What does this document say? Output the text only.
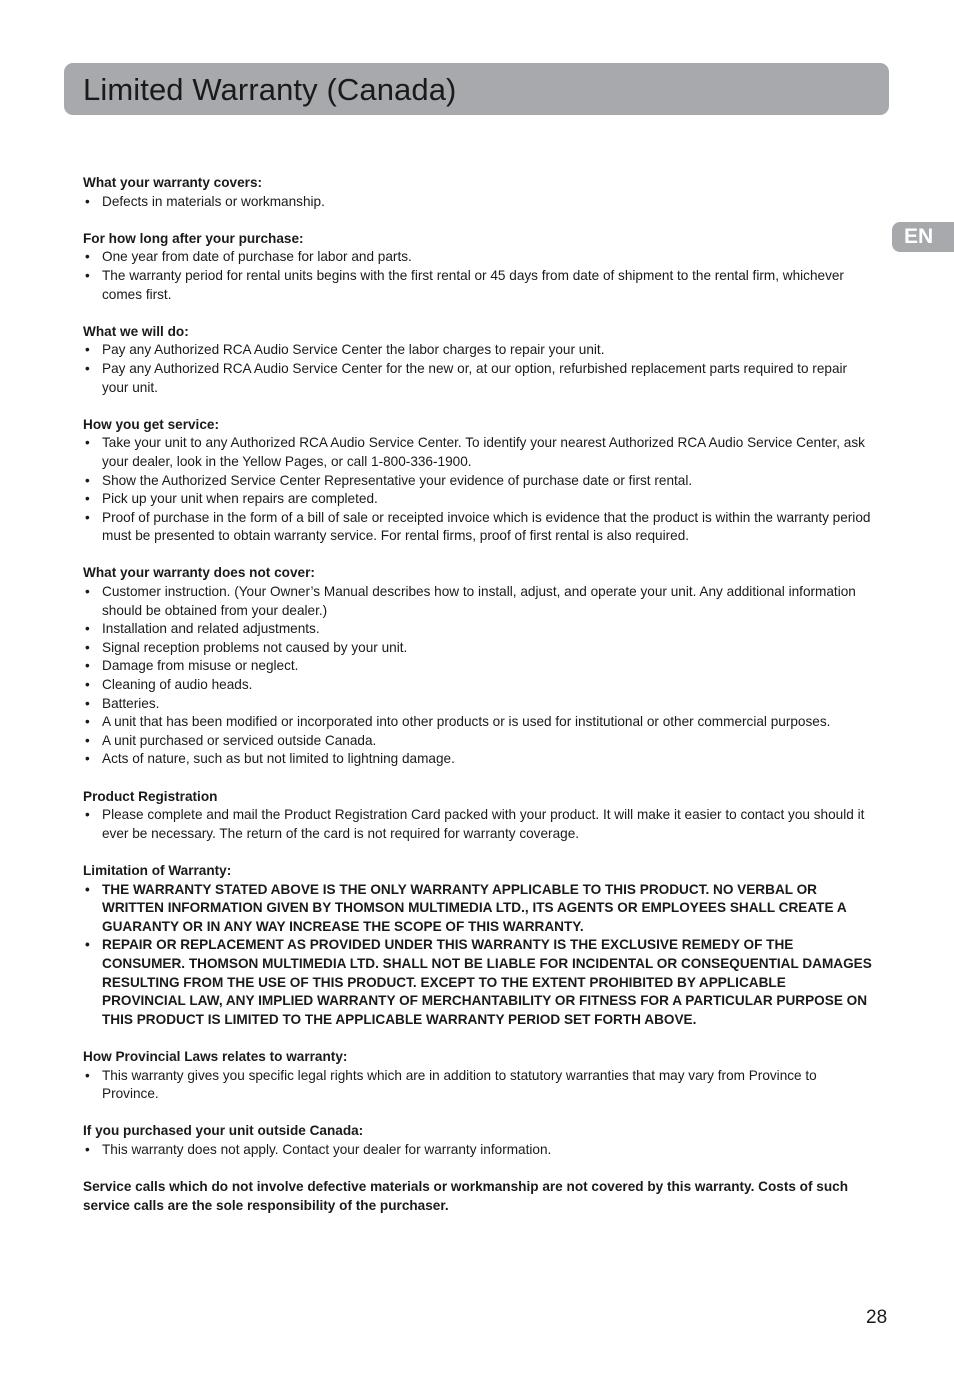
Limited Warranty (Canada)
EN

What your warranty covers:

• Defects in materials or workmanship.

For how long after your purchase:

• One year from date of purchase for labor and parts.
• The warranty period for rental units begins with the first rental or 45 days from date of shipment to the rental firm, whichever comes first.

What we will do:

• Pay any Authorized RCA Audio Service Center the labor charges to repair your unit.
• Pay any Authorized RCA Audio Service Center for the new or, at our option, refurbished replacement parts required to repair your unit.

How you get service:

• Take your unit to any Authorized RCA Audio Service Center. To identify your nearest Authorized RCA Audio Service Center, ask your dealer, look in the Yellow Pages, or call 1-800-336-1900.
• Show the Authorized Service Center Representative your evidence of purchase date or first rental.
• Pick up your unit when repairs are completed.
• Proof of purchase in the form of a bill of sale or receipted invoice which is evidence that the product is within the warranty period must be presented to obtain warranty service. For rental firms, proof of first rental is also required.

What your warranty does not cover:

• Customer instruction. (Your Owner’s Manual describes how to install, adjust, and operate your unit. Any additional information should be obtained from your dealer.)
• Installation and related adjustments.
• Signal reception problems not caused by your unit.
• Damage from misuse or neglect.
• Cleaning of audio heads.
• Batteries.
• A unit that has been modified or incorporated into other products or is used for institutional or other commercial purposes.
• A unit purchased or serviced outside Canada.
• Acts of nature, such as but not limited to lightning damage.

Product Registration

• Please complete and mail the Product Registration Card packed with your product. It will make it easier to contact you should it ever be necessary. The return of the card is not required for warranty coverage.

Limitation of Warranty:

• THE WARRANTY STATED ABOVE IS THE ONLY WARRANTY APPLICABLE TO THIS PRODUCT. NO VERBAL OR WRITTEN INFORMATION GIVEN BY THOMSON MULTIMEDIA LTD., ITS AGENTS OR EMPLOYEES SHALL CREATE A GUARANTY OR IN ANY WAY INCREASE THE SCOPE OF THIS WARRANTY.
• REPAIR OR REPLACEMENT AS PROVIDED UNDER THIS WARRANTY IS THE EXCLUSIVE REMEDY OF THE CONSUMER. THOMSON MULTIMEDIA LTD. SHALL NOT BE LIABLE FOR INCIDENTAL OR CONSEQUENTIAL DAMAGES RESULTING FROM THE USE OF THIS PRODUCT. EXCEPT TO THE EXTENT PROHIBITED BY APPLICABLE PROVINCIAL LAW, ANY IMPLIED WARRANTY OF MERCHANTABILITY OR FITNESS FOR A PARTICULAR PURPOSE ON THIS PRODUCT IS LIMITED TO THE APPLICABLE WARRANTY PERIOD SET FORTH ABOVE.

How Provincial Laws relates to warranty:

• This warranty gives you specific legal rights which are in addition to statutory warranties that may vary from Province to Province.

If you purchased your unit outside Canada:

• This warranty does not apply. Contact your dealer for warranty information.

Service calls which do not involve defective materials or workmanship are not covered by this warranty. Costs of such service calls are the sole responsibility of the purchaser.

28
